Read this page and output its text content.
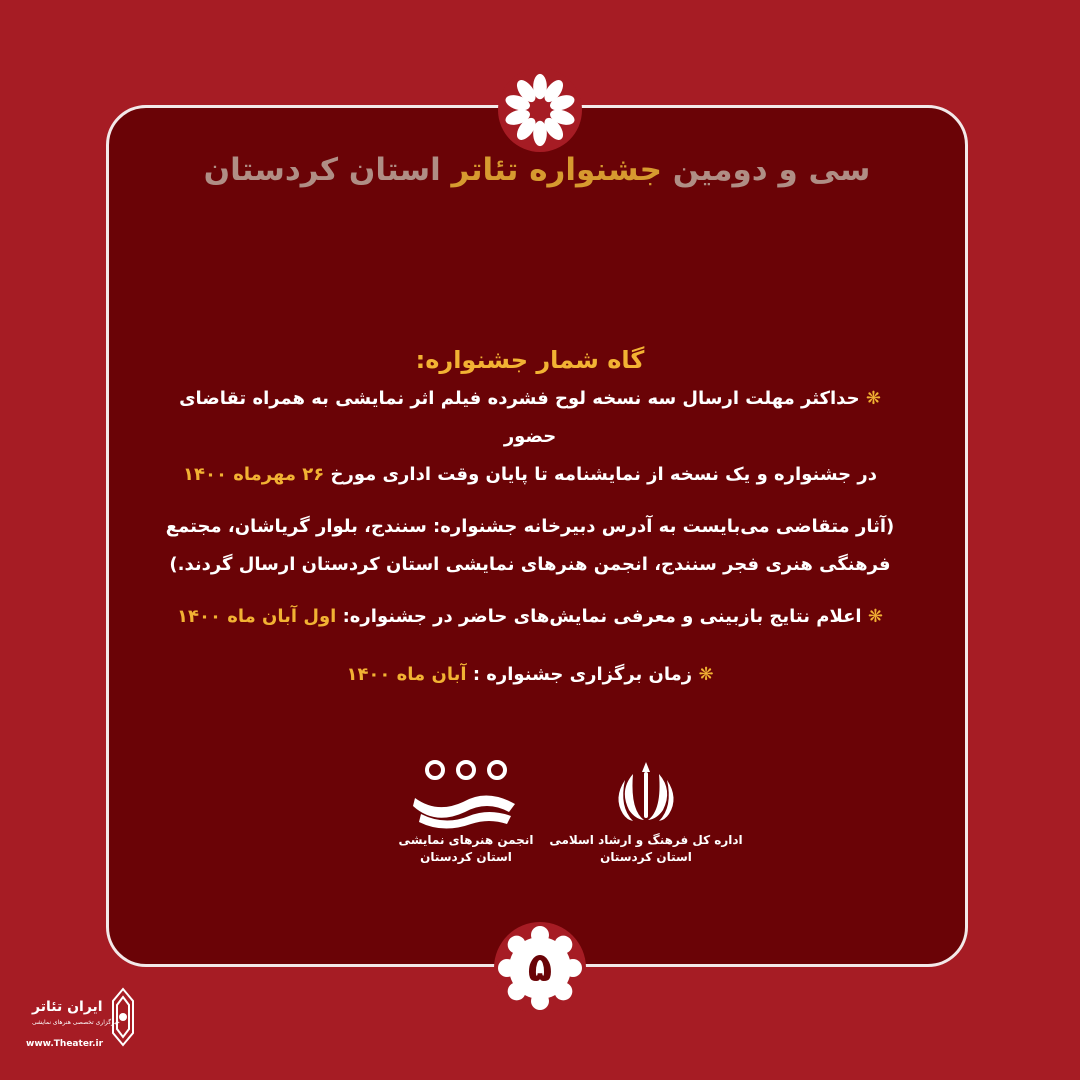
سی و دومین جشنواره تئاتر استان کردستان

گاه شمار جشنواره:

❋ حداکثر مهلت ارسال سه نسخه لوح فشرده فیلم اثر نمایشی به همراه تقاضای حضور
در جشنواره و یک نسخه از نمایشنامه تا پایان وقت اداری مورخ ۲۶ مهرماه ۱۴۰۰

(آثار متقاضی می‌بایست به آدرس دبیرخانه جشنواره: سنندج، بلوار گریاشان، مجتمع
فرهنگی هنری فجر سنندج، انجمن هنرهای نمایشی استان کردستان ارسال گردند.)

❋ اعلام نتایج بازبینی و معرفی نمایش‌های حاضر در جشنواره: اول آبان ماه ۱۴۰۰

❋ زمان برگزاری جشنواره : آبان ماه ۱۴۰۰

اداره کل فرهنگ و ارشاد اسلامی
استان کردستان
انجمن هنرهای نمایشی
استان کردستان
۵
ایران تئاتر
خبرگزاری تخصصی هنرهای نمایشی
www.Theater.ir
